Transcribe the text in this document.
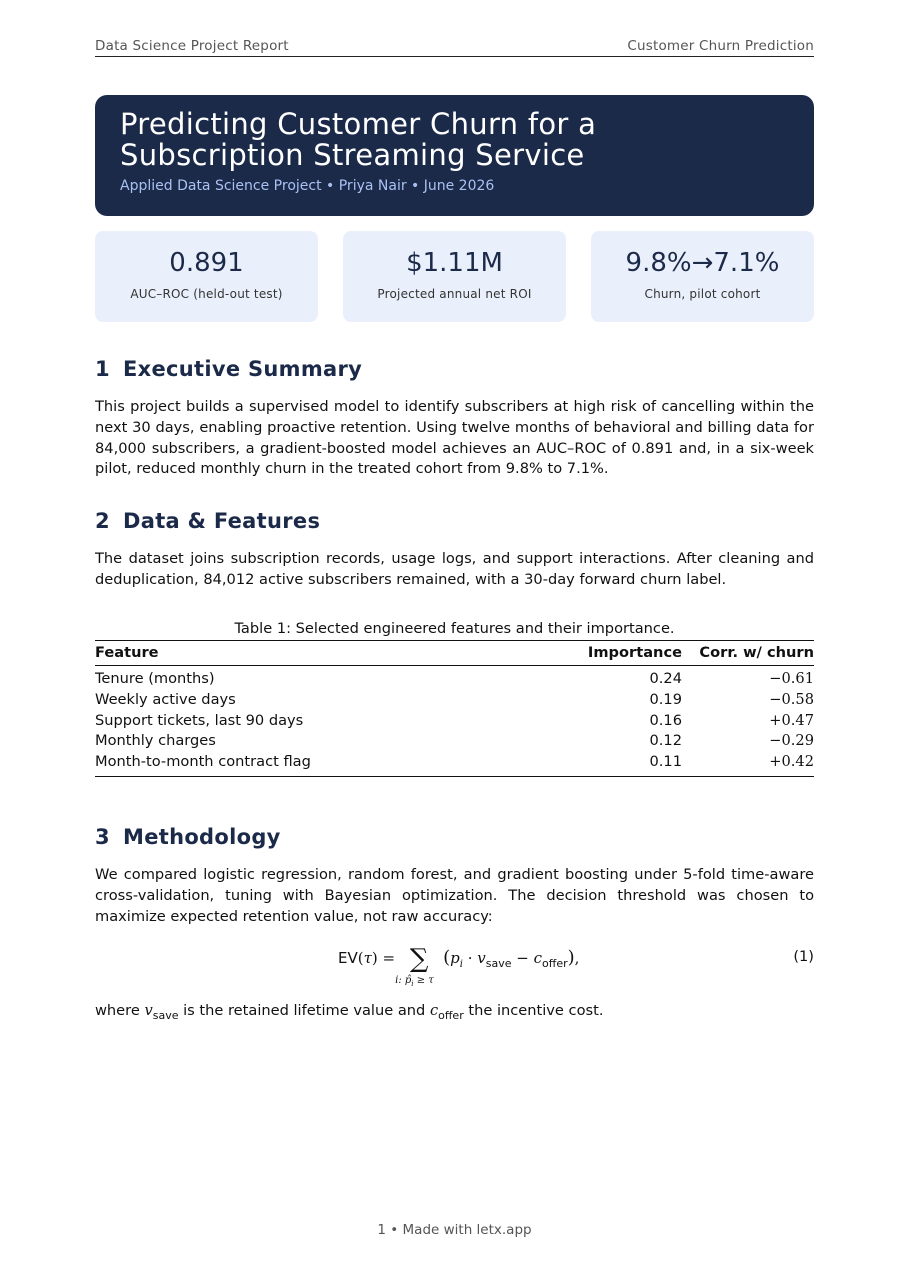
Data Science Project Report	Customer Churn Prediction
Predicting Customer Churn for a Subscription Streaming Service
Applied Data Science Project • Priya Nair • June 2026
0.891
AUC–ROC (held-out test)
$1.11M
Projected annual net ROI
9.8%→7.1%
Churn, pilot cohort
1 Executive Summary

This project builds a supervised model to identify subscribers at high risk of cancelling within the next 30 days, enabling proactive retention. Using twelve months of behavioral and billing data for 84,000 subscribers, a gradient-boosted model achieves an AUC–ROC of 0.891 and, in a six-week pilot, reduced monthly churn in the treated cohort from 9.8% to 7.1%.

2 Data & Features

The dataset joins subscription records, usage logs, and support interactions. After cleaning and deduplication, 84,012 active subscribers remained, with a 30-day forward churn label.

Table 1: Selected engineered features and their importance.
Feature	Importance	Corr. w/ churn
Tenure (months)	0.24	−0.61
Weekly active days	0.19	−0.58
Support tickets, last 90 days	0.16	+0.47
Monthly charges	0.12	−0.29
Month-to-month contract flag	0.11	+0.42
3 Methodology

We compared logistic regression, random forest, and gradient boosting under 5-fold time-aware cross-validation, tuning with Bayesian optimization. The decision threshold was chosen to maximize expected retention value, not raw accuracy:

EV(τ) = ∑
i: $p̂_i \ge \tau$
$(p_i \cdot v_{save} - c_{offer})$,	(1)

where $v_{save}$ is the retained lifetime value and $c_{offer}$ the incentive cost.

1 • Made with letx.app
